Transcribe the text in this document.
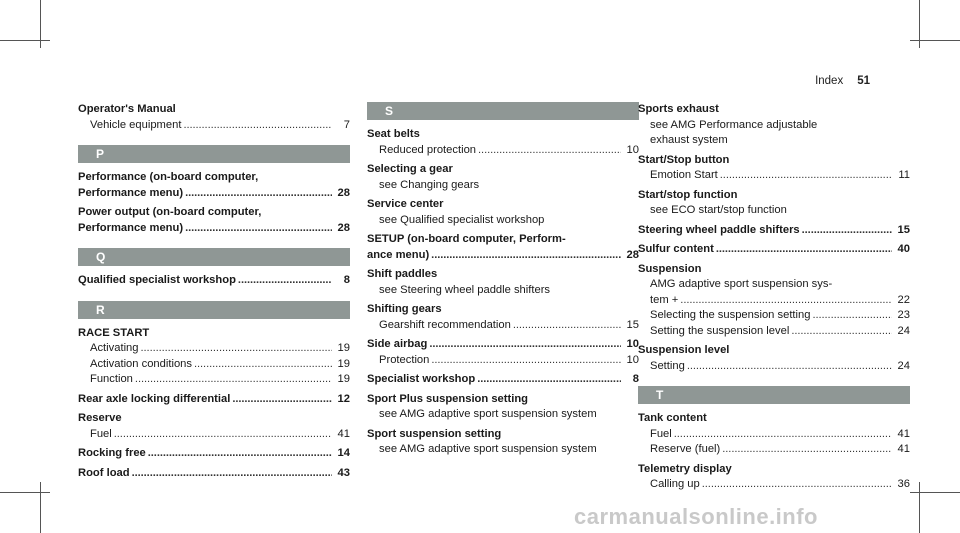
Index 51
Operator's Manual
Vehicle equipment . . .	7
P
Performance (on-board computer,
Performance menu) . . .	28
Power output (on-board computer,
Performance menu) . . .	28
Q
Qualified specialist workshop . . .	8
R
RACE START
Activating . . .	19
Activation conditions . . .	19
Function . . .	19
Rear axle locking differential . . .	12
Reserve
Fuel . . .	41
Rocking free . . .	14
Roof load . . .	43
S
Seat belts
Reduced protection . . .	10
Selecting a gear
see Changing gears
Service center
see Qualified specialist workshop
SETUP (on-board computer, Perform-
ance menu) . . .	28
Shift paddles
see Steering wheel paddle shifters
Shifting gears
Gearshift recommendation . . .	15
Side airbag . . .	10
Protection . . .	10
Specialist workshop . . .	8
Sport Plus suspension setting
see AMG adaptive sport suspension system
Sport suspension setting
see AMG adaptive sport suspension system
Sports exhaust
see AMG Performance adjustable
exhaust system
Start/Stop button
Emotion Start . . .	11
Start/stop function
see ECO start/stop function
Steering wheel paddle shifters . . .	15
Sulfur content . . .	40
Suspension
AMG adaptive sport suspension sys-
tem + . . .	22
Selecting the suspension setting . . .	23
Setting the suspension level . . .	24
Suspension level
Setting . . .	24
T
Tank content
Fuel . . .	41
Reserve (fuel) . . .	41
Telemetry display
Calling up . . .	36
carmanualsonline.info
